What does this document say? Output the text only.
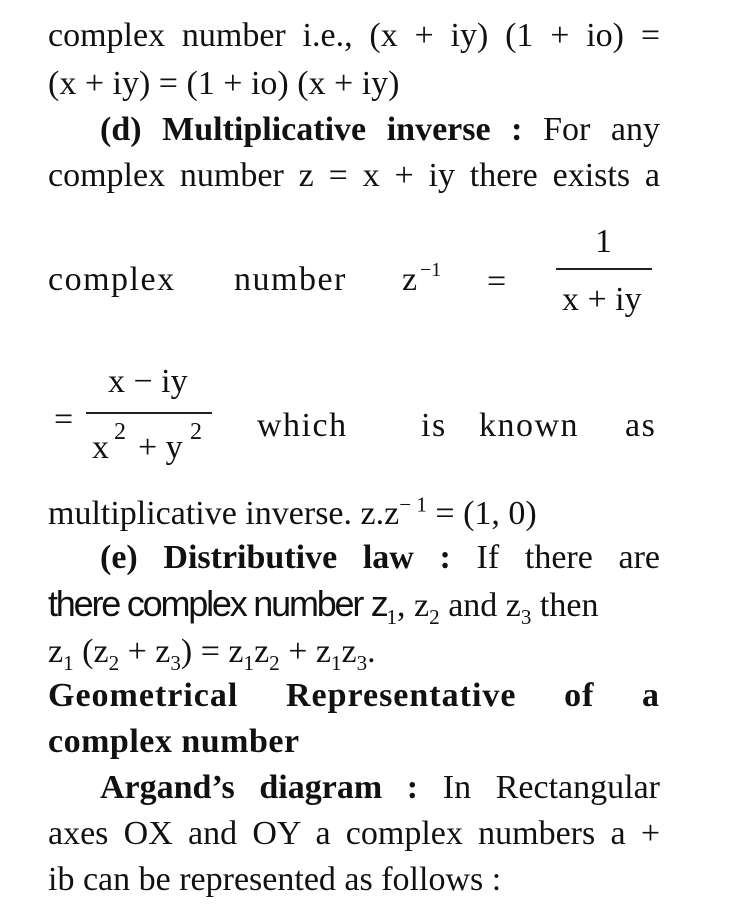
complex number i.e., (x + iy) (1 + io) =
(x + iy) = (1 + io) (x + iy)
(d) Multiplicative inverse : For any
complex number z = x + iy there exists a
complex number z −1 =
1
x + iy
=
x − iy
x 2 + y 2 which is known as
multiplicative inverse. $z.z^{- 1} = (1$, 0)
(e) Distributive law : If there are
there complex number $z_1$, $z_2$ and $z_3$ then
$z_1$ $(z_2 + z_3) = z_1z_2 + z_1z_3$.
Geometrical Representative of a
complex number
Argand’s diagram : In Rectangular
axes OX and OY a complex numbers a +
ib can be represented as follows :
